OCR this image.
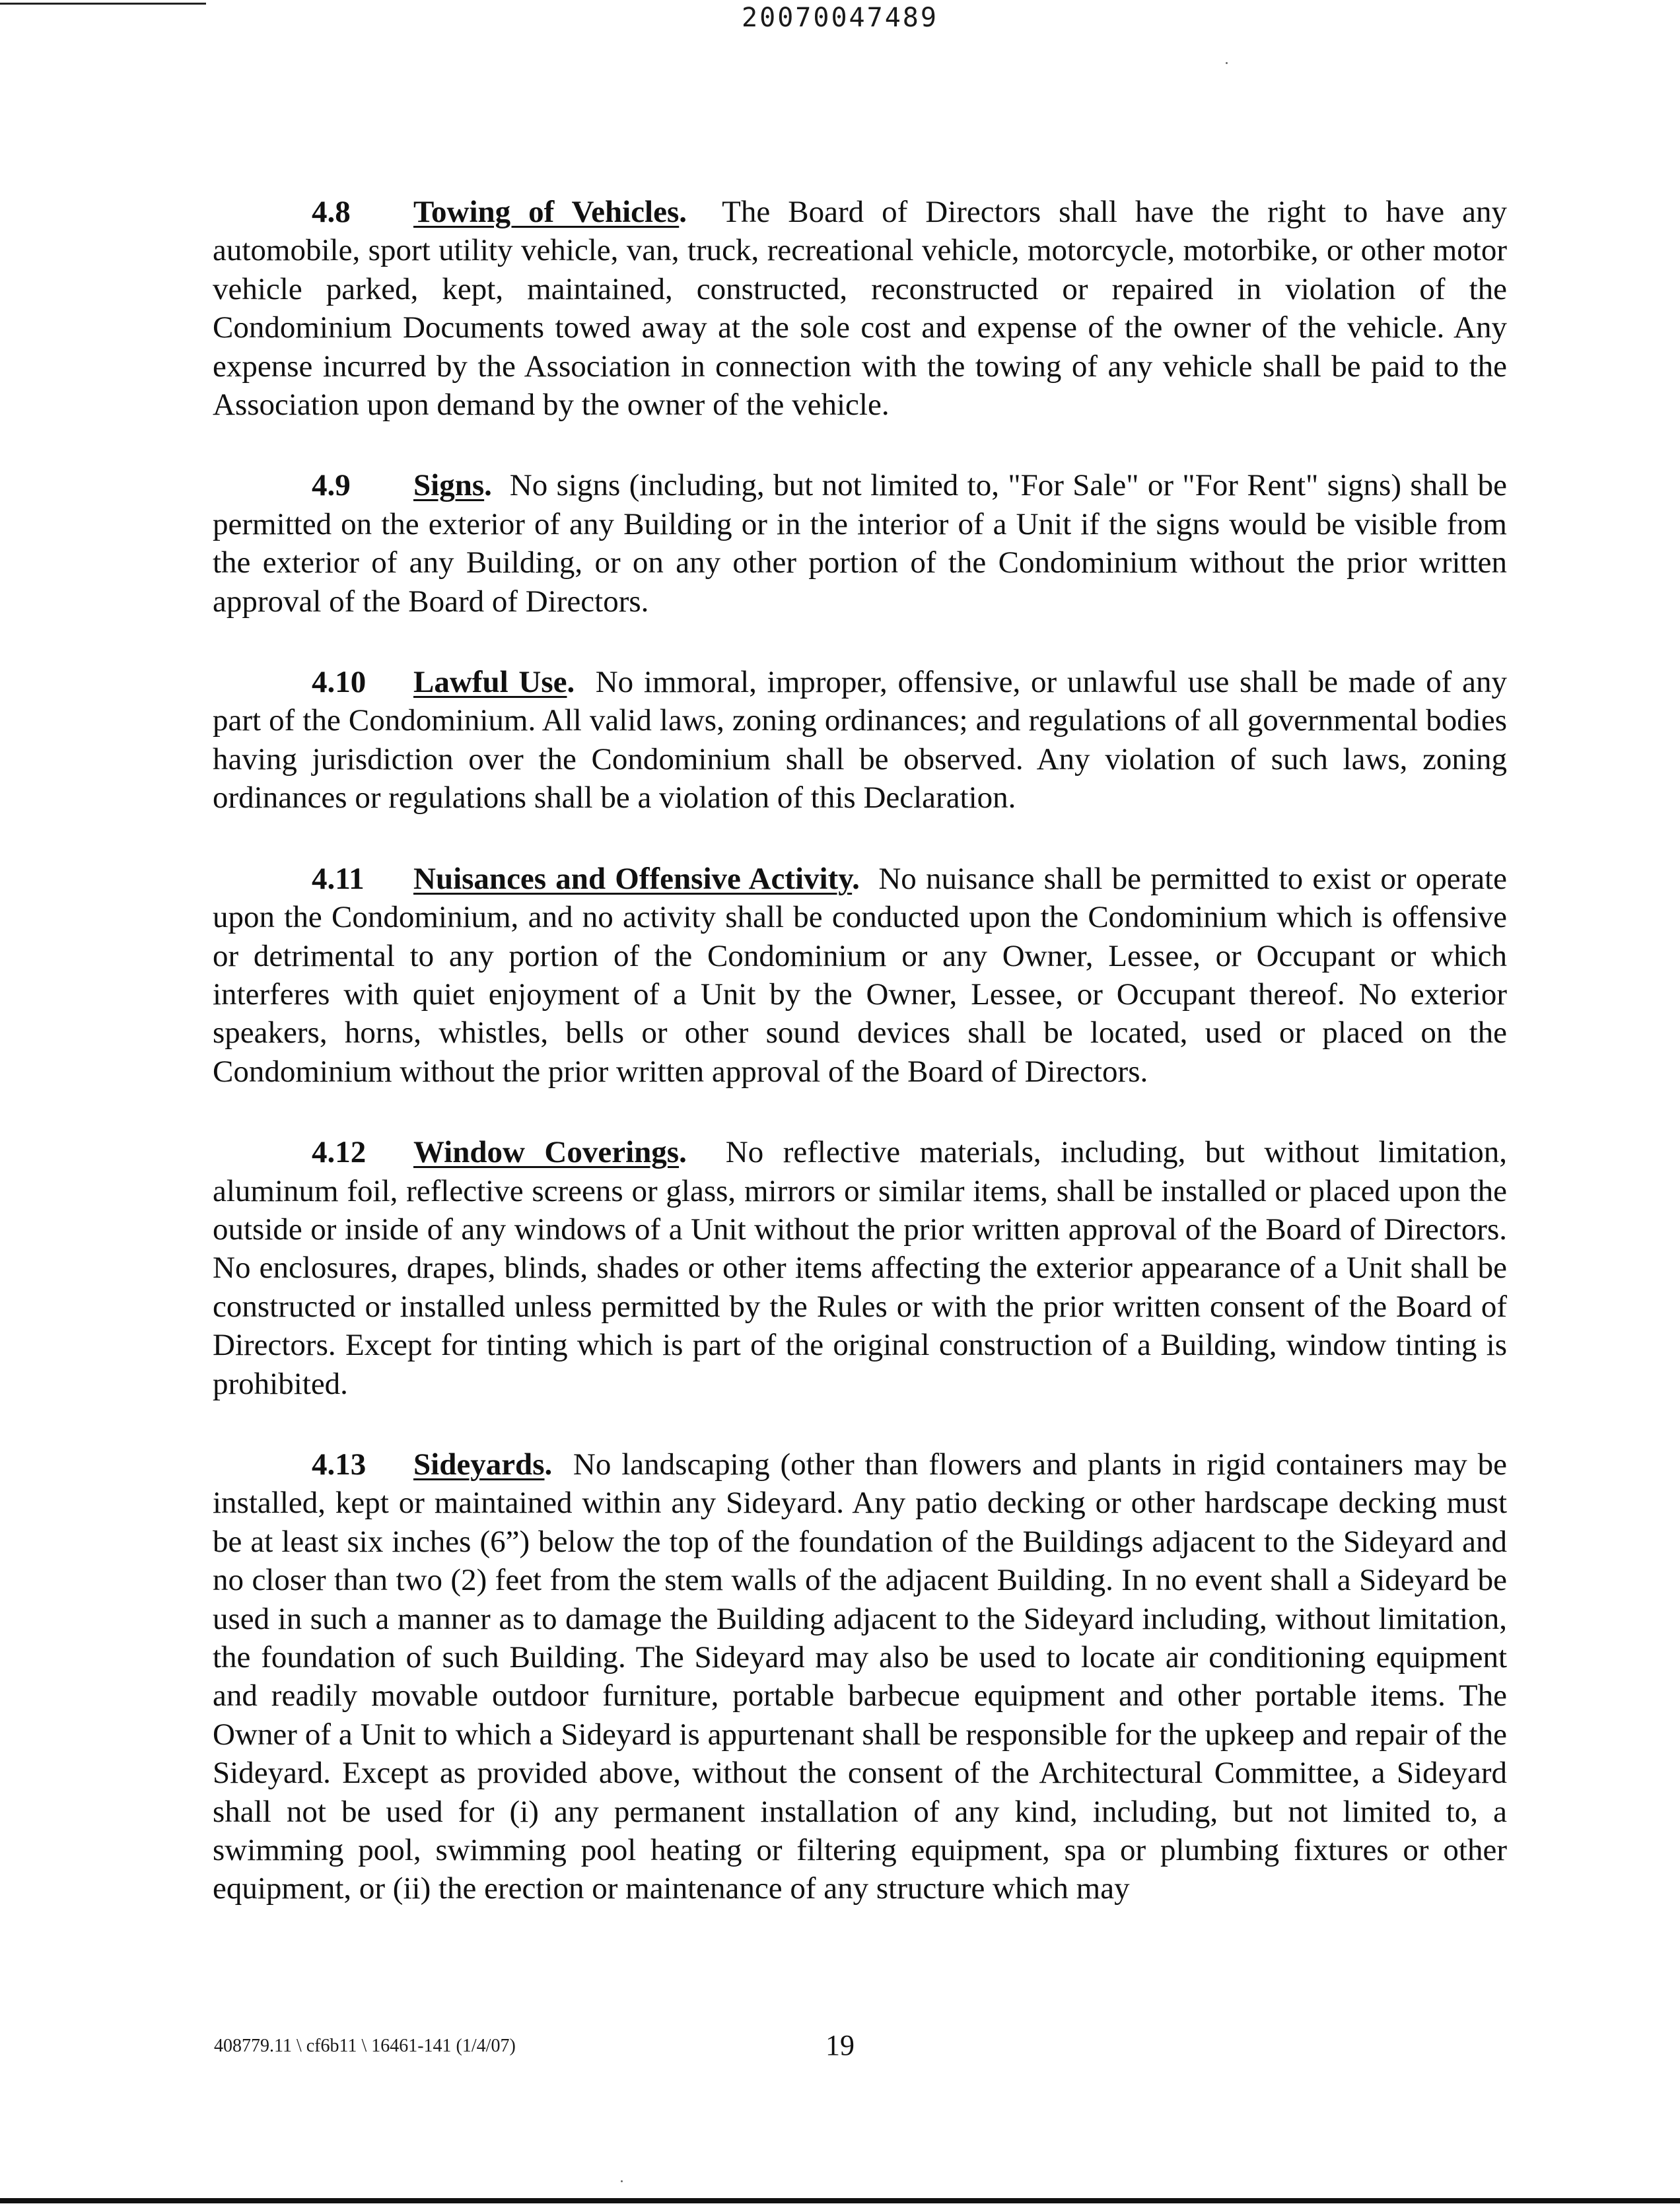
20070047489

4.8 Towing of Vehicles. The Board of Directors shall have the right to have any automobile, sport utility vehicle, van, truck, recreational vehicle, motorcycle, motorbike, or other motor vehicle parked, kept, maintained, constructed, reconstructed or repaired in violation of the Condominium Documents towed away at the sole cost and expense of the owner of the vehicle. Any expense incurred by the Association in connection with the towing of any vehicle shall be paid to the Association upon demand by the owner of the vehicle.

4.9 Signs. No signs (including, but not limited to, "For Sale" or "For Rent" signs) shall be permitted on the exterior of any Building or in the interior of a Unit if the signs would be visible from the exterior of any Building, or on any other portion of the Condominium without the prior written approval of the Board of Directors.

4.10 Lawful Use. No immoral, improper, offensive, or unlawful use shall be made of any part of the Condominium. All valid laws, zoning ordinances; and regulations of all governmental bodies having jurisdiction over the Condominium shall be observed. Any violation of such laws, zoning ordinances or regulations shall be a violation of this Declaration.

4.11 Nuisances and Offensive Activity. No nuisance shall be permitted to exist or operate upon the Condominium, and no activity shall be conducted upon the Condominium which is offensive or detrimental to any portion of the Condominium or any Owner, Lessee, or Occupant or which interferes with quiet enjoyment of a Unit by the Owner, Lessee, or Occupant thereof. No exterior speakers, horns, whistles, bells or other sound devices shall be located, used or placed on the Condominium without the prior written approval of the Board of Directors.

4.12 Window Coverings. No reflective materials, including, but without limitation, aluminum foil, reflective screens or glass, mirrors or similar items, shall be installed or placed upon the outside or inside of any windows of a Unit without the prior written approval of the Board of Directors. No enclosures, drapes, blinds, shades or other items affecting the exterior appearance of a Unit shall be constructed or installed unless permitted by the Rules or with the prior written consent of the Board of Directors. Except for tinting which is part of the original construction of a Building, window tinting is prohibited.

4.13 Sideyards. No landscaping (other than flowers and plants in rigid containers may be installed, kept or maintained within any Sideyard. Any patio decking or other hardscape decking must be at least six inches (6”) below the top of the foundation of the Buildings adjacent to the Sideyard and no closer than two (2) feet from the stem walls of the adjacent Building. In no event shall a Sideyard be used in such a manner as to damage the Building adjacent to the Sideyard including, without limitation, the foundation of such Building. The Sideyard may also be used to locate air conditioning equipment and readily movable outdoor furniture, portable barbecue equipment and other portable items. The Owner of a Unit to which a Sideyard is appurtenant shall be responsible for the upkeep and repair of the Sideyard. Except as provided above, without the consent of the Architectural Committee, a Sideyard shall not be used for (i) any permanent installation of any kind, including, but not limited to, a swimming pool, swimming pool heating or filtering equipment, spa or plumbing fixtures or other equipment, or (ii) the erection or maintenance of any structure which may

408779.11 \ cf6b11 \ 16461-141 (1/4/07)	19
